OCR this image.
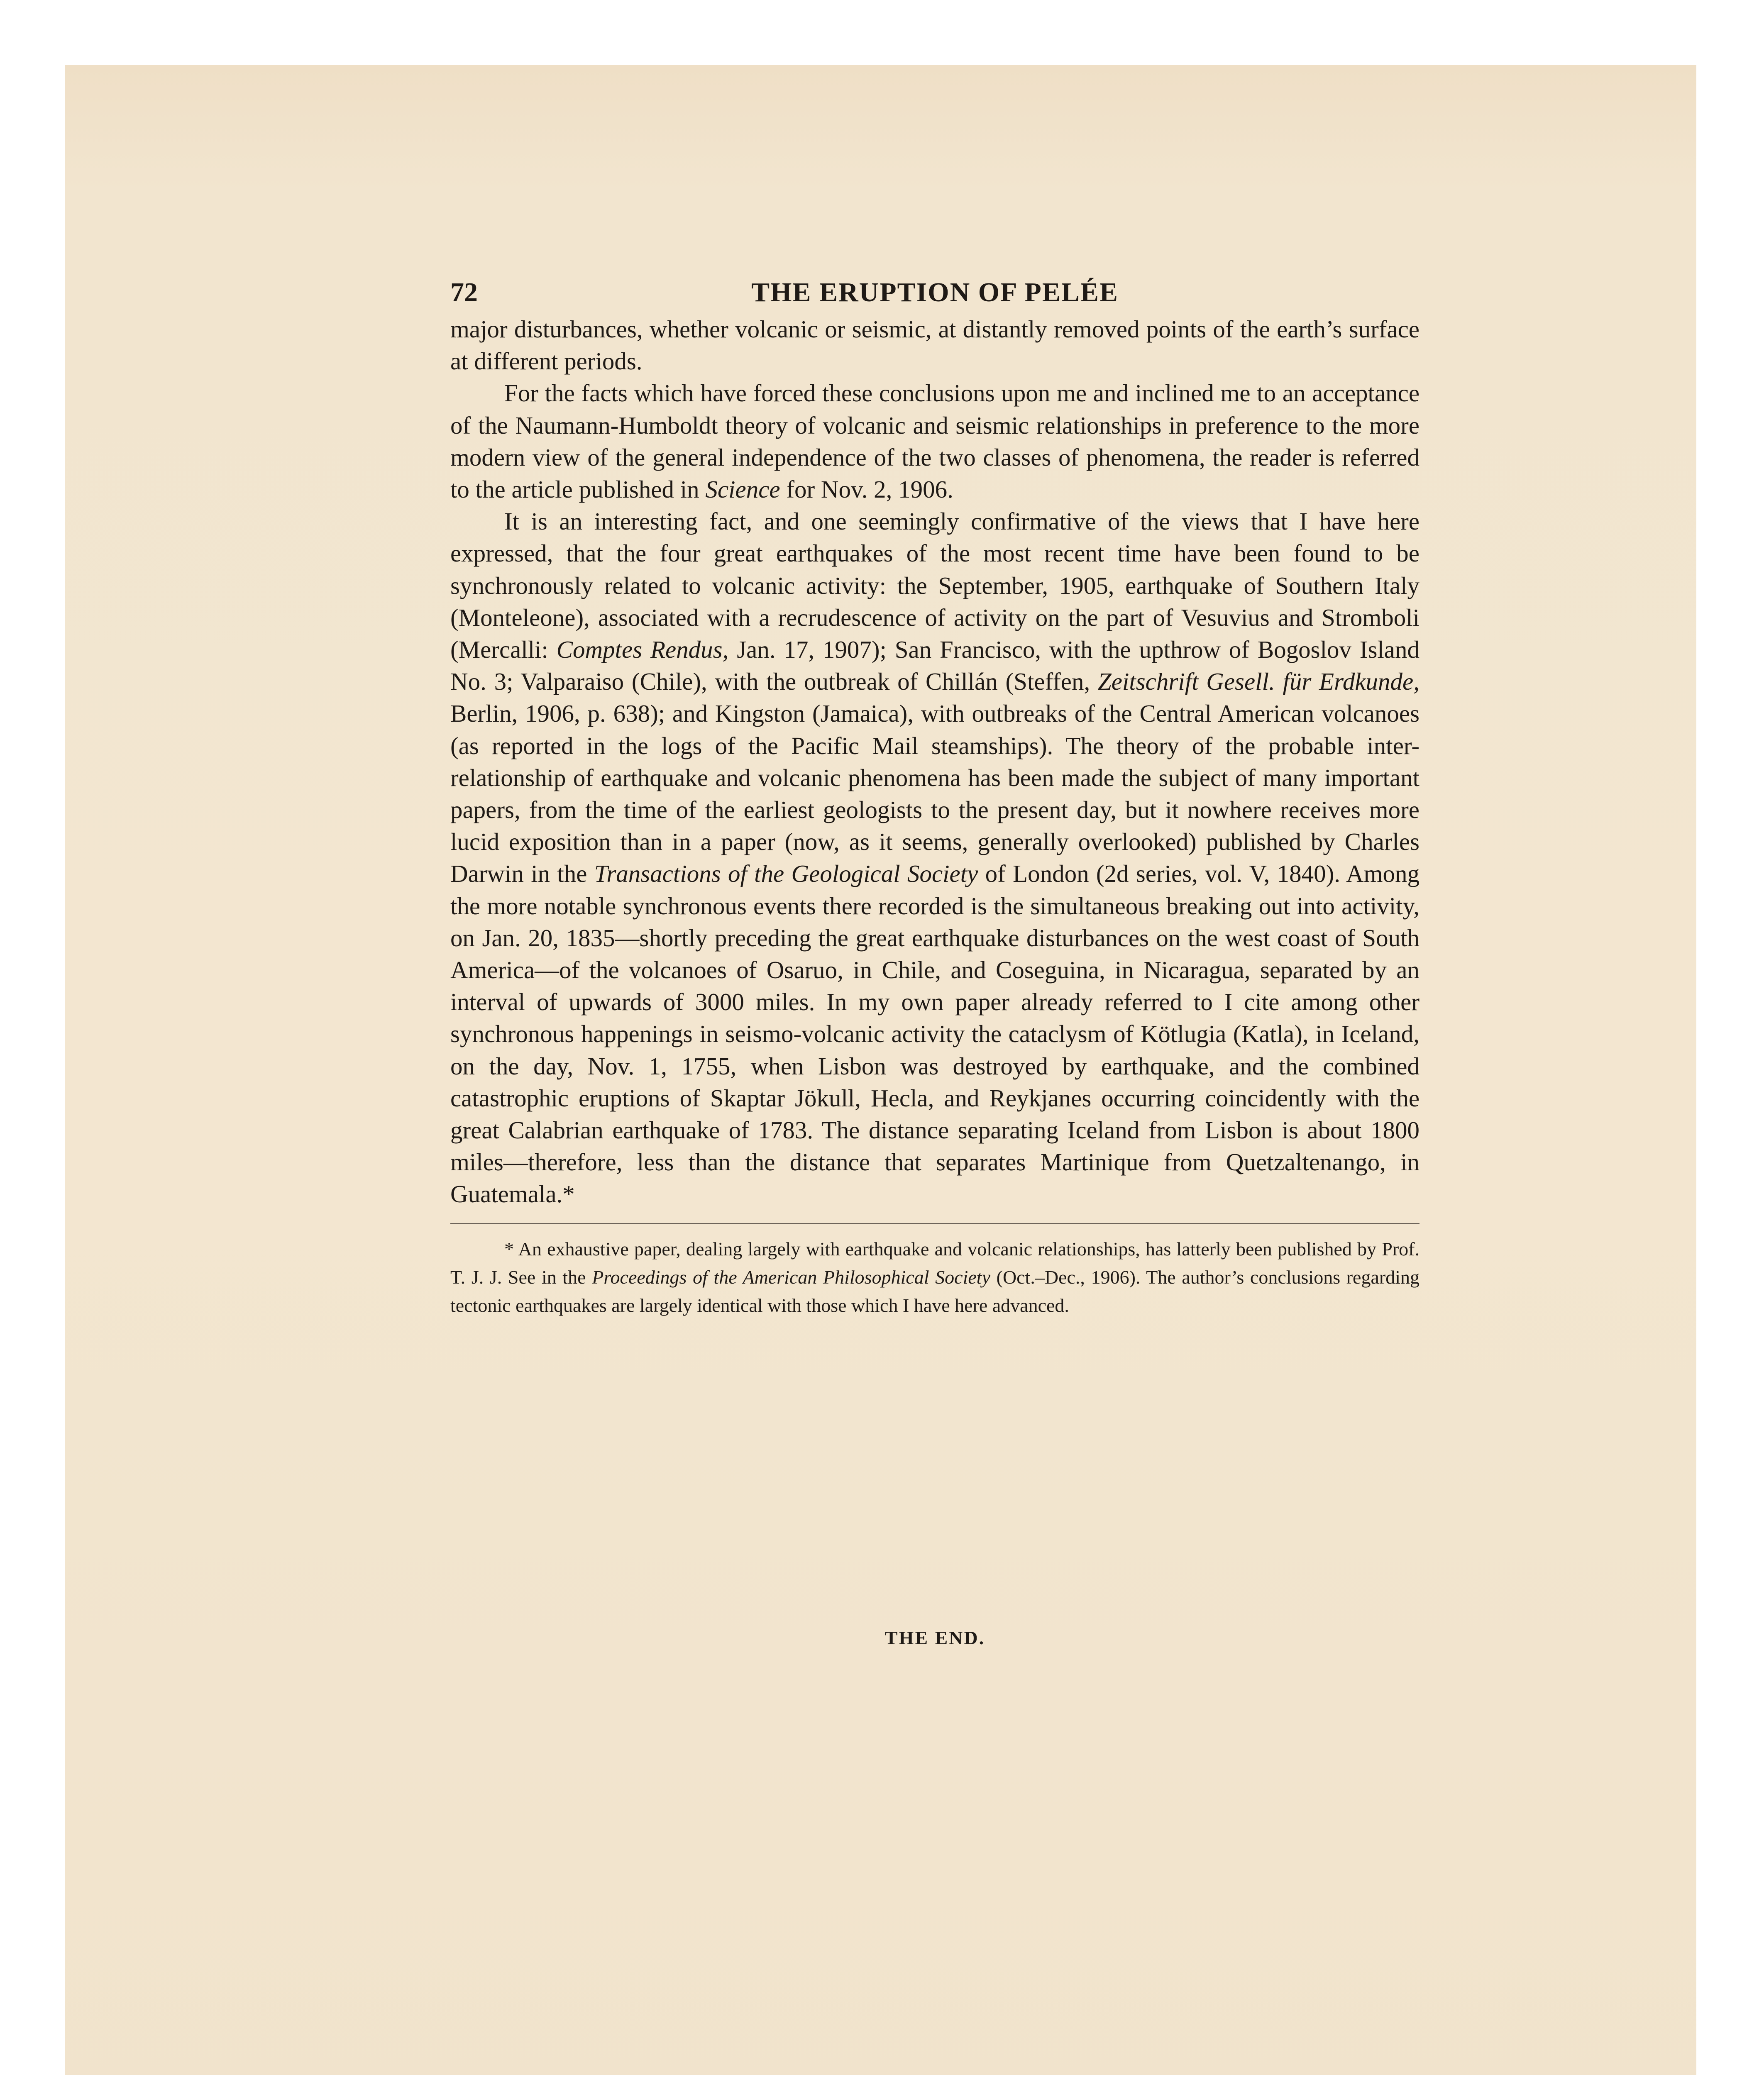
72	THE ERUPTION OF PELÉE

major disturbances, whether volcanic or seismic, at distantly removed points of the earth’s surface at different periods.

For the facts which have forced these conclusions upon me and inclined me to an acceptance of the Naumann-Humboldt theory of volcanic and seismic relationships in preference to the more modern view of the general independence of the two classes of phenomena, the reader is referred to the article published in Science for Nov. 2, 1906.

It is an interesting fact, and one seemingly confirmative of the views that I have here expressed, that the four great earthquakes of the most recent time have been found to be synchronously related to volcanic activity: the September, 1905, earthquake of Southern Italy (Monteleone), associated with a recrudescence of activity on the part of Vesuvius and Stromboli (Mercalli: Comptes Rendus, Jan. 17, 1907); San Francisco, with the upthrow of Bogoslov Island No. 3; Valparaiso (Chile), with the outbreak of Chillán (Steffen, Zeitschrift Gesell. für Erdkunde, Berlin, 1906, p. 638); and Kingston (Jamaica), with outbreaks of the Central American volcanoes (as reported in the logs of the Pacific Mail steamships). The theory of the probable inter-relationship of earthquake and volcanic phenomena has been made the subject of many important papers, from the time of the earliest geologists to the present day, but it nowhere receives more lucid exposition than in a paper (now, as it seems, generally overlooked) published by Charles Darwin in the Transactions of the Geological Society of London (2d series, vol. V, 1840). Among the more notable synchronous events there recorded is the simultaneous breaking out into activity, on Jan. 20, 1835—shortly preceding the great earthquake disturbances on the west coast of South America—of the volcanoes of Osaruo, in Chile, and Coseguina, in Nicaragua, separated by an interval of upwards of 3000 miles. In my own paper already referred to I cite among other synchronous happenings in seismo-volcanic activity the cataclysm of Kötlugia (Katla), in Iceland, on the day, Nov. 1, 1755, when Lisbon was destroyed by earthquake, and the combined catastrophic eruptions of Skaptar Jökull, Hecla, and Reykjanes occurring coincidently with the great Calabrian earthquake of 1783. The distance separating Iceland from Lisbon is about 1800 miles—therefore, less than the distance that separates Martinique from Quetzaltenango, in Guatemala.*

* An exhaustive paper, dealing largely with earthquake and volcanic relationships, has latterly been published by Prof. T. J. J. See in the Proceedings of the American Philosophical Society (Oct.–Dec., 1906). The author’s conclusions regarding tectonic earthquakes are largely identical with those which I have here advanced.
THE END.
